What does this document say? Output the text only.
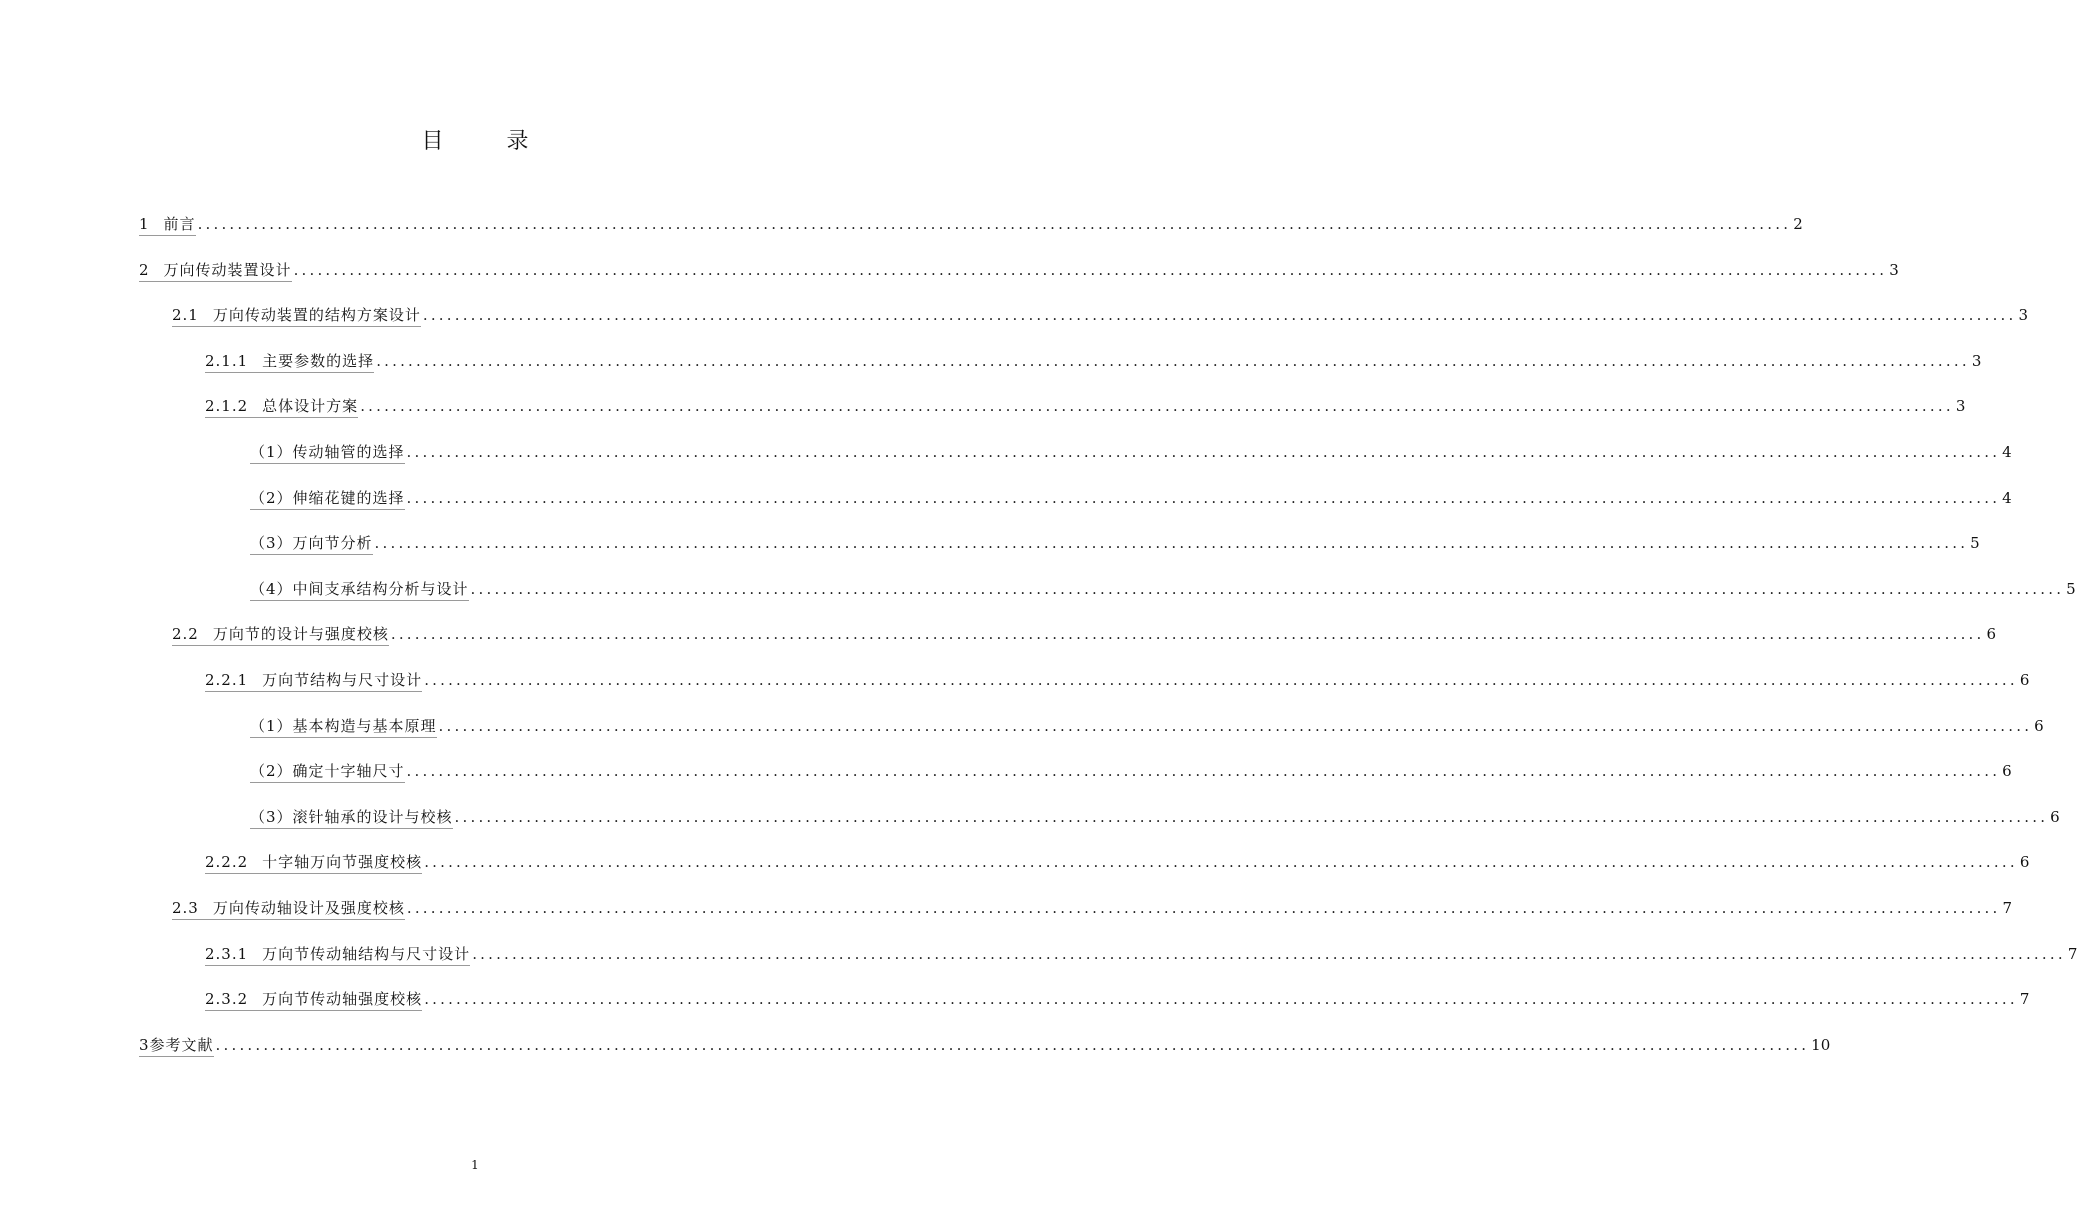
目 录
1 前言 ........................................................................................................................................................................................................ 2
2 万向传动装置设计 ........................................................................................................................................................................................................ 3
2.1 万向传动装置的结构方案设计 ........................................................................................................................................................................................................ 3
2.1.1 主要参数的选择 ........................................................................................................................................................................................................ 3
2.1.2 总体设计方案 ........................................................................................................................................................................................................ 3
（1）传动轴管的选择 ........................................................................................................................................................................................................ 4
（2）伸缩花键的选择 ........................................................................................................................................................................................................ 4
（3）万向节分析 ........................................................................................................................................................................................................ 5
（4）中间支承结构分析与设计 ........................................................................................................................................................................................................ 5
2.2 万向节的设计与强度校核 ........................................................................................................................................................................................................ 6
2.2.1 万向节结构与尺寸设计 ........................................................................................................................................................................................................ 6
（1）基本构造与基本原理 ........................................................................................................................................................................................................ 6
（2）确定十字轴尺寸 ........................................................................................................................................................................................................ 6
（3）滚针轴承的设计与校核 ........................................................................................................................................................................................................ 6
2.2.2 十字轴万向节强度校核 ........................................................................................................................................................................................................ 6
2.3 万向传动轴设计及强度校核 ........................................................................................................................................................................................................ 7
2.3.1 万向节传动轴结构与尺寸设计 ........................................................................................................................................................................................................ 7
2.3.2 万向节传动轴强度校核 ........................................................................................................................................................................................................ 7
3参考文献 ........................................................................................................................................................................................................ 10
1
